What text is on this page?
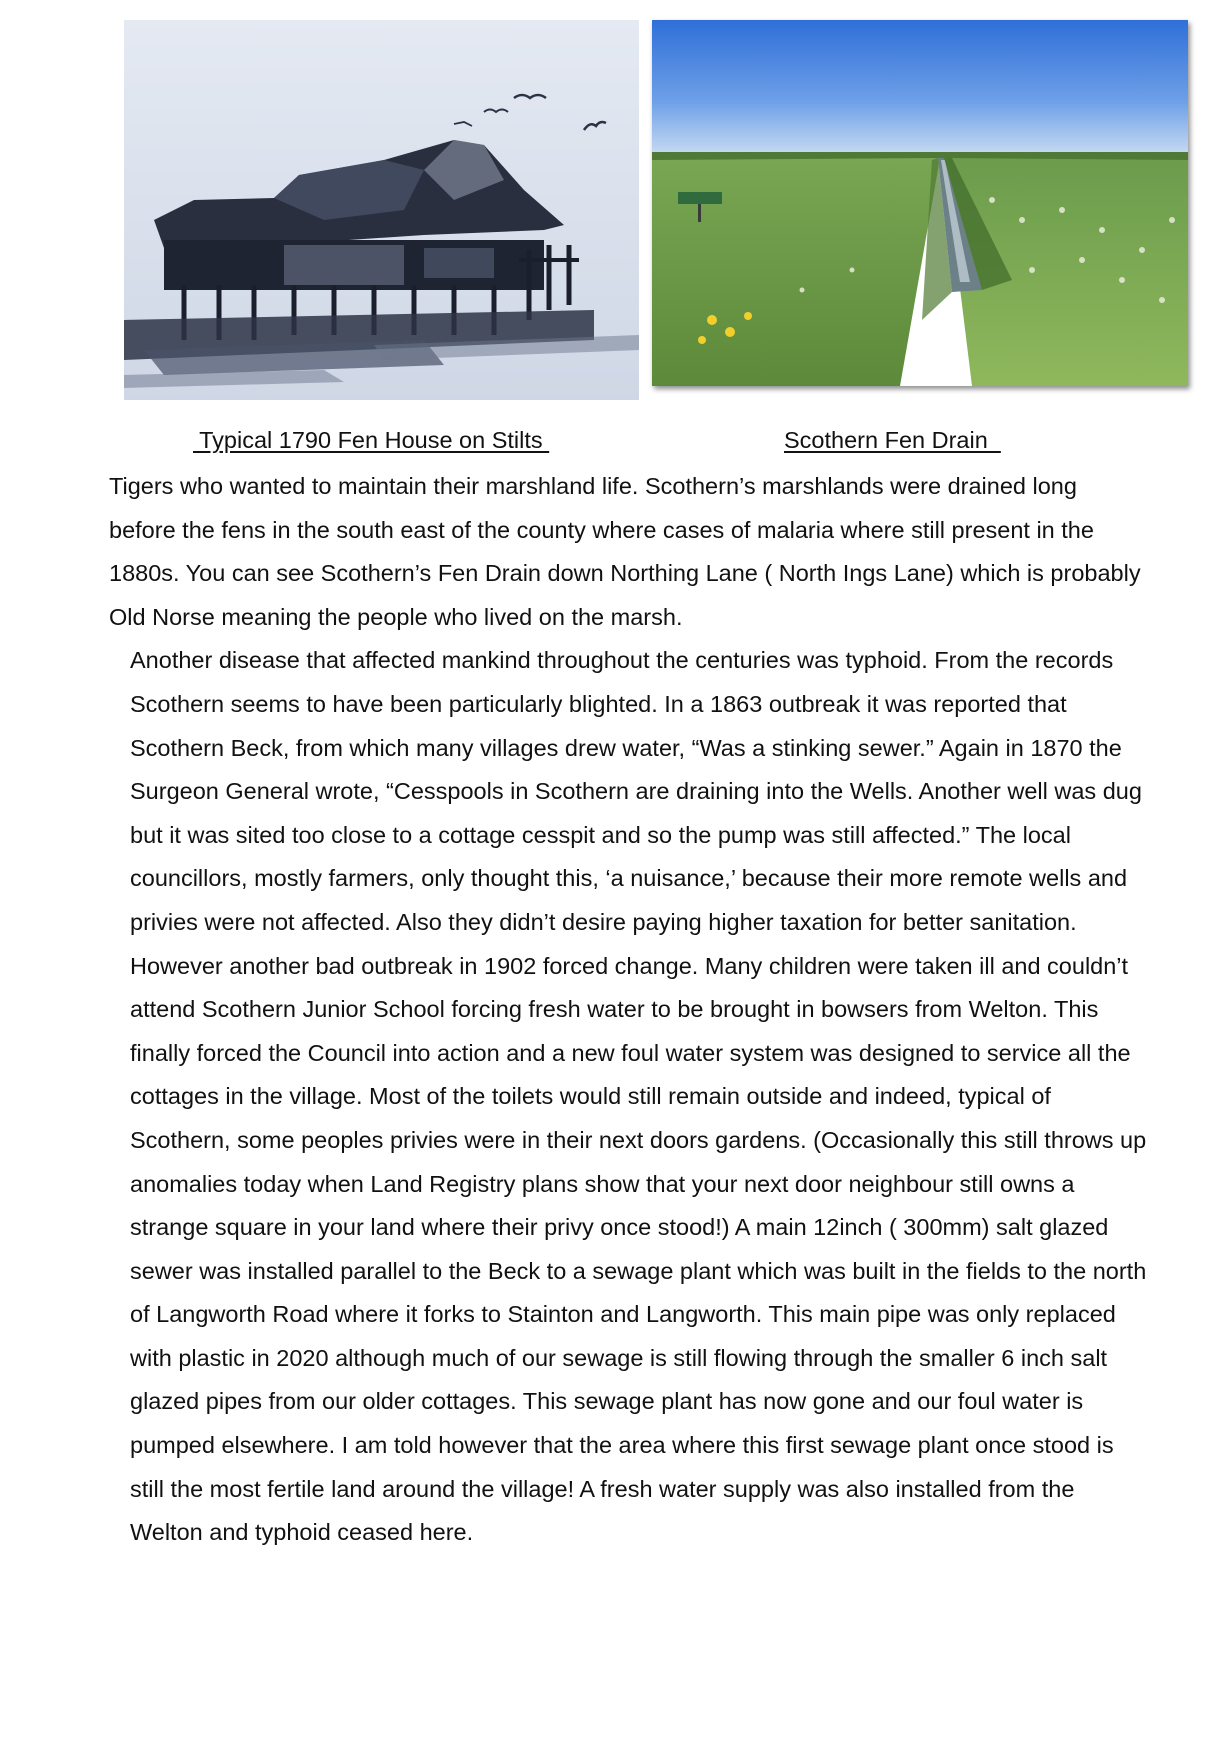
Typical 1790 Fen House on Stilts	Scothern Fen Drain

Tigers who wanted to maintain their marshland life. Scothern’s marshlands were drained long before the fens in the south east of the county where cases of malaria where still present in the 1880s. You can see Scothern’s Fen Drain down Northing Lane ( North Ings Lane) which is probably Old Norse meaning the people who lived on the marsh.

Another disease that affected mankind throughout the centuries was typhoid. From the records Scothern seems to have been particularly blighted. In a 1863 outbreak it was reported that Scothern Beck, from which many villages drew water, “Was a stinking sewer.” Again in 1870 the Surgeon General wrote, “Cesspools in Scothern are draining into the Wells. Another well was dug but it was sited too close to a cottage cesspit and so the pump was still affected.” The local councillors, mostly farmers, only thought this, ‘a nuisance,’ because their more remote wells and privies were not affected. Also they didn’t desire paying higher taxation for better sanitation. However another bad outbreak in 1902 forced change. Many children were taken ill and couldn’t attend Scothern Junior School forcing fresh water to be brought in bowsers from Welton. This finally forced the Council into action and a new foul water system was designed to service all the cottages in the village. Most of the toilets would still remain outside and indeed, typical of Scothern, some peoples privies were in their next doors gardens. (Occasionally this still throws up anomalies today when Land Registry plans show that your next door neighbour still owns a strange square in your land where their privy once stood!) A main 12inch ( 300mm) salt glazed sewer was installed parallel to the Beck to a sewage plant which was built in the fields to the north of Langworth Road where it forks to Stainton and Langworth. This main pipe was only replaced with plastic in 2020 although much of our sewage is still flowing through the smaller 6 inch salt glazed pipes from our older cottages. This sewage plant has now gone and our foul water is pumped elsewhere. I am told however that the area where this first sewage plant once stood is still the most fertile land around the village! A fresh water supply was also installed from the Welton and typhoid ceased here.
